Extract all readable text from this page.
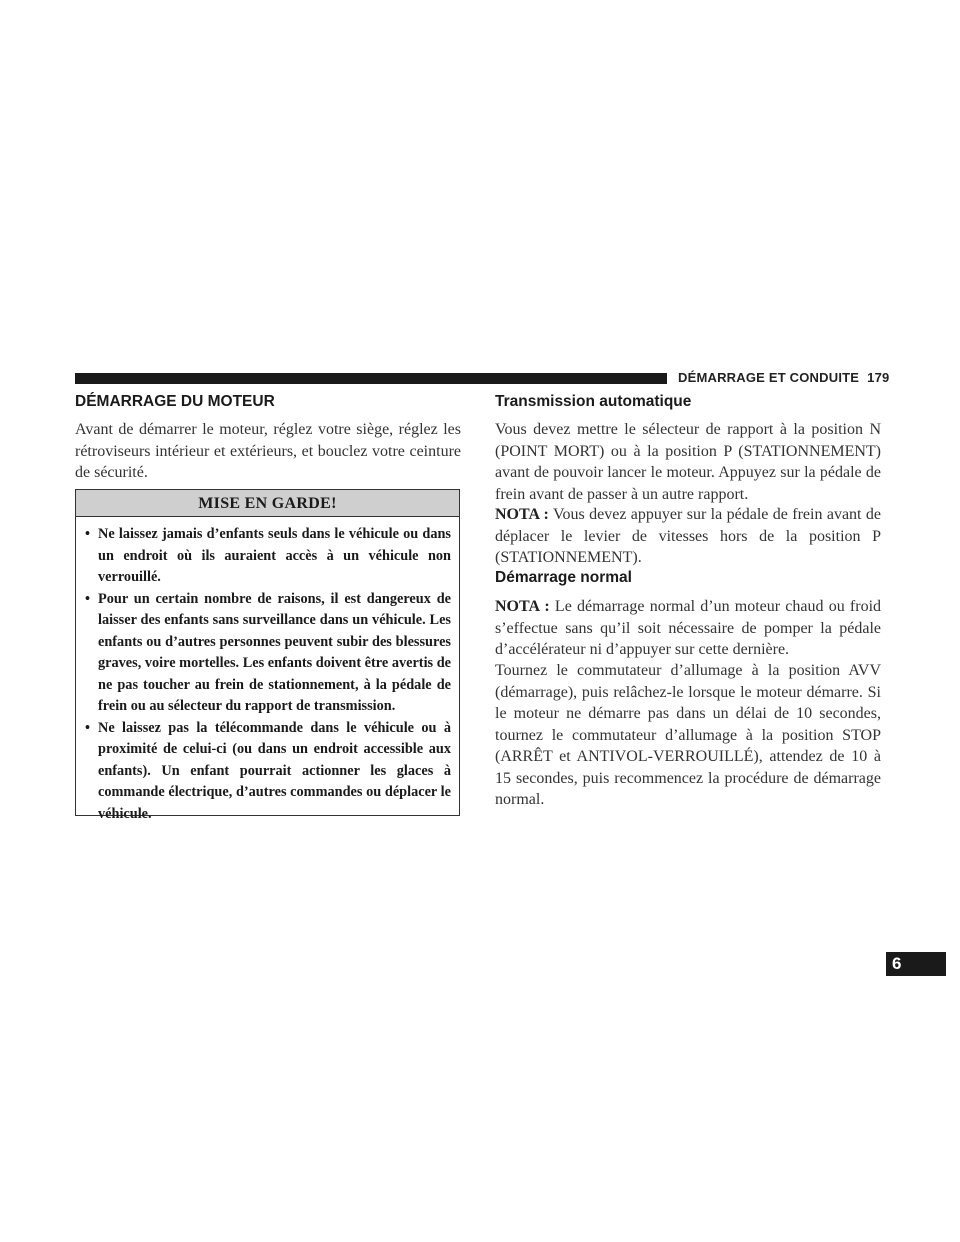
DÉMARRAGE ET CONDUITE 179
DÉMARRAGE DU MOTEUR

Avant de démarrer le moteur, réglez votre siège, réglez les rétroviseurs intérieur et extérieurs, et bouclez votre ceinture de sécurité.

MISE EN GARDE!
• Ne laissez jamais d’enfants seuls dans le véhicule ou dans un endroit où ils auraient accès à un véhicule non verrouillé.
• Pour un certain nombre de raisons, il est dangereux de laisser des enfants sans surveillance dans un véhicule. Les enfants ou d’autres personnes peuvent subir des blessures graves, voire mortelles. Les enfants doivent être avertis de ne pas toucher au frein de stationnement, à la pédale de frein ou au sélecteur du rapport de transmission.
• Ne laissez pas la télécommande dans le véhicule ou à proximité de celui-ci (ou dans un endroit accessible aux enfants). Un enfant pourrait actionner les glaces à commande électrique, d’autres commandes ou déplacer le véhicule.
Transmission automatique

Vous devez mettre le sélecteur de rapport à la position N (POINT MORT) ou à la position P (STATIONNEMENT) avant de pouvoir lancer le moteur. Appuyez sur la pédale de frein avant de passer à un autre rapport.

NOTA : Vous devez appuyer sur la pédale de frein avant de déplacer le levier de vitesses hors de la position P (STATIONNEMENT).

Démarrage normal

NOTA : Le démarrage normal d’un moteur chaud ou froid s’effectue sans qu’il soit nécessaire de pomper la pédale d’accélérateur ni d’appuyer sur cette dernière.

Tournez le commutateur d’allumage à la position AVV (démarrage), puis relâchez-le lorsque le moteur démarre. Si le moteur ne démarre pas dans un délai de 10 secondes, tournez le commutateur d’allumage à la position STOP (ARRÊT et ANTIVOL-VERROUILLÉ), attendez de 10 à 15 secondes, puis recommencez la procédure de démarrage normal.

6
